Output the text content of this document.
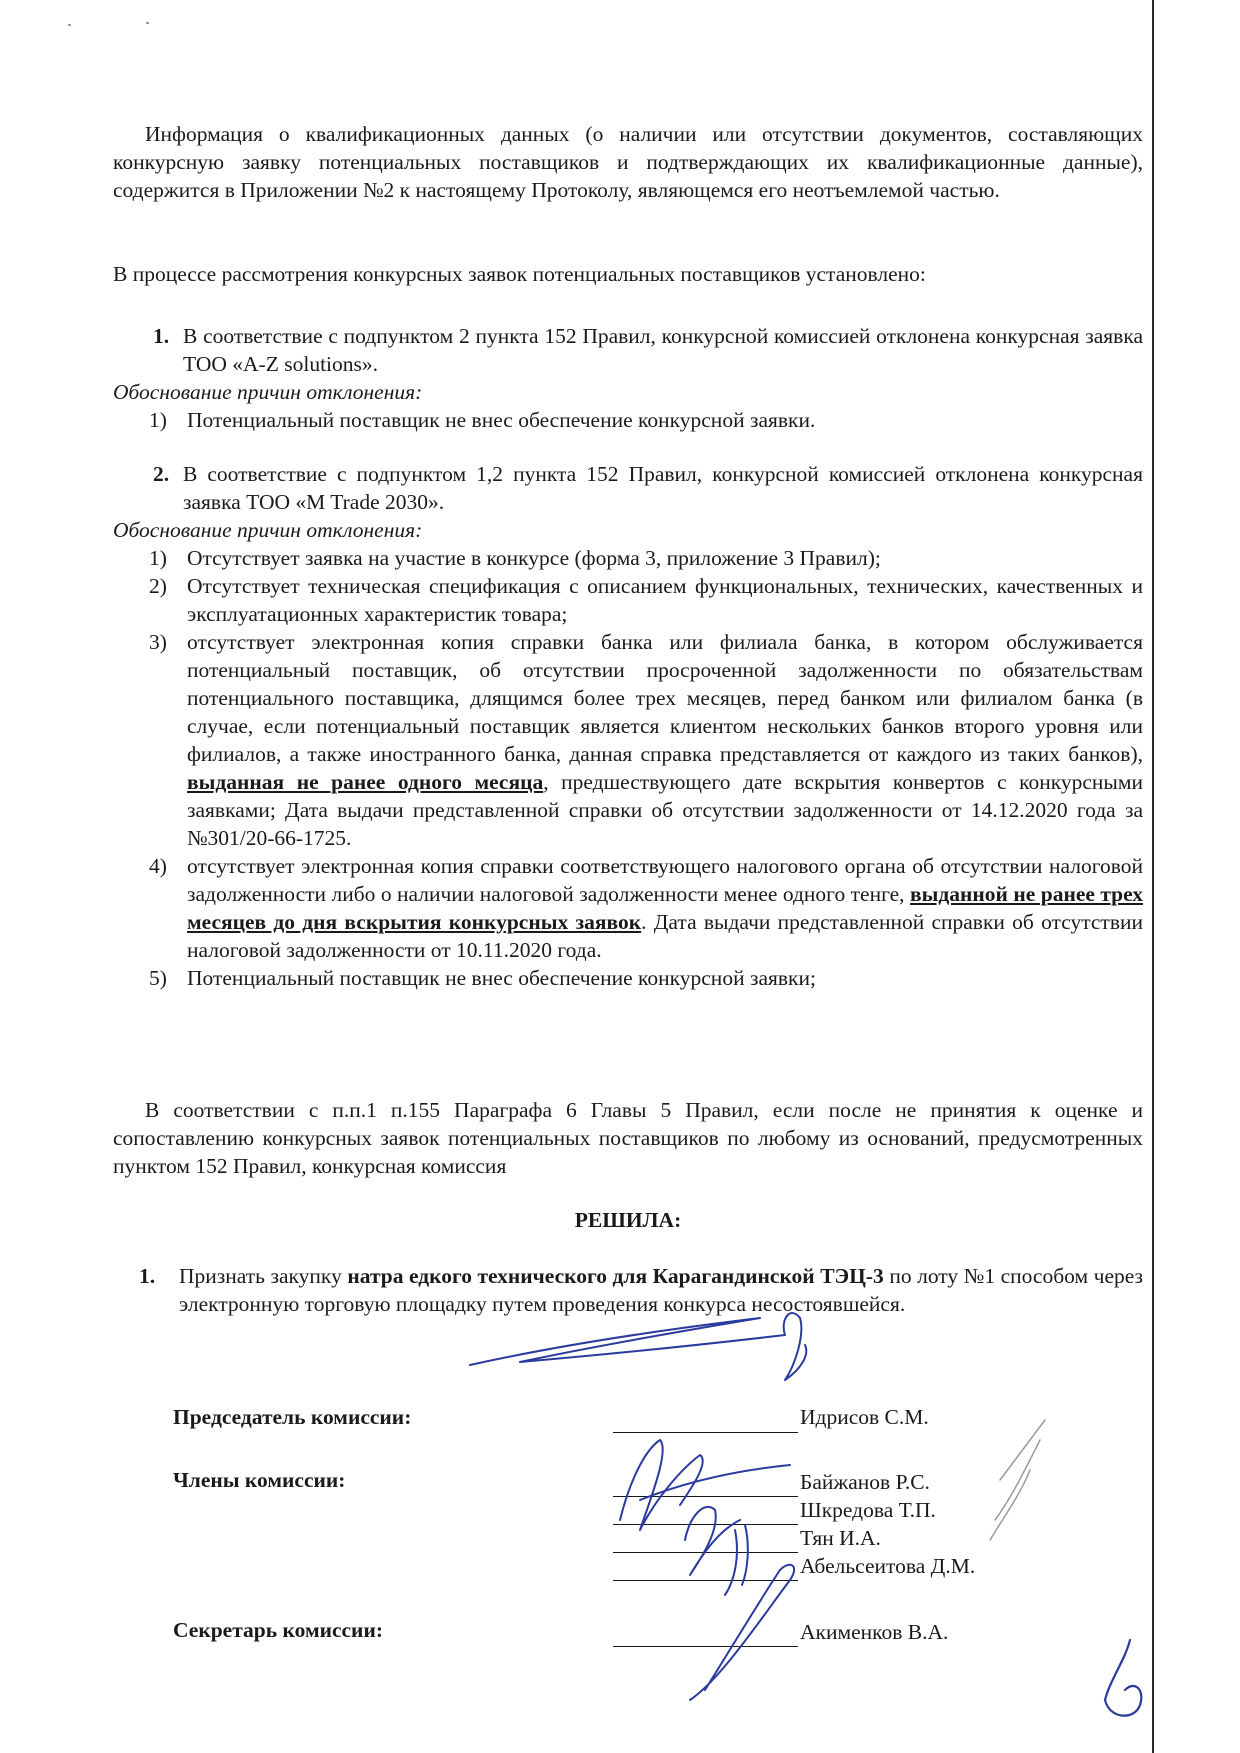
Информация о квалификационных данных (о наличии или отсутствии документов, составляющих конкурсную заявку потенциальных поставщиков и подтверждающих их квалификационные данные), содержится в Приложении №2 к настоящему Протоколу, являющемся его неотъемлемой частью.

В процессе рассмотрения конкурсных заявок потенциальных поставщиков установлено:

1. В соответствие с подпунктом 2 пункта 152 Правил, конкурсной комиссией отклонена конкурсная заявка ТОО «A-Z solutions».
Обоснование причин отклонения:
1) Потенциальный поставщик не внес обеспечение конкурсной заявки.
2. В соответствие с подпунктом 1,2 пункта 152 Правил, конкурсной комиссией отклонена конкурсная заявка ТОО «M Trade 2030».
Обоснование причин отклонения:
1) Отсутствует заявка на участие в конкурсе (форма 3, приложение 3 Правил);
2) Отсутствует техническая спецификация с описанием функциональных, технических, качественных и эксплуатационных характеристик товара;
3) отсутствует электронная копия справки банка или филиала банка, в котором обслуживается потенциальный поставщик, об отсутствии просроченной задолженности по обязательствам потенциального поставщика, длящимся более трех месяцев, перед банком или филиалом банка (в случае, если потенциальный поставщик является клиентом нескольких банков второго уровня или филиалов, а также иностранного банка, данная справка представляется от каждого из таких банков), выданная не ранее одного месяца, предшествующего дате вскрытия конвертов с конкурсными заявками; Дата выдачи представленной справки об отсутствии задолженности от 14.12.2020 года за №301/20-66-1725.
4) отсутствует электронная копия справки соответствующего налогового органа об отсутствии налоговой задолженности либо о наличии налоговой задолженности менее одного тенге, выданной не ранее трех месяцев до дня вскрытия конкурсных заявок. Дата выдачи представленной справки об отсутствии налоговой задолженности от 10.11.2020 года.
5) Потенциальный поставщик не внес обеспечение конкурсной заявки;

В соответствии с п.п.1 п.155 Параграфа 6 Главы 5 Правил, если после не принятия к оценке и сопоставлению конкурсных заявок потенциальных поставщиков по любому из оснований, предусмотренных пунктом 152 Правил, конкурсная комиссия

РЕШИЛА:
1.	Признать закупку натра едкого технического для Карагандинской ТЭЦ-3 по лоту №1 способом через электронную торговую площадку путем проведения конкурса несостоявшейся.
Председатель комиссии:	Идрисов С.М.
Члены комиссии:	Байжанов Р.С.
Шкредова Т.П.
Тян И.А.
Абельсеитова Д.М.
Секретарь комиссии:	Акименков В.А.
